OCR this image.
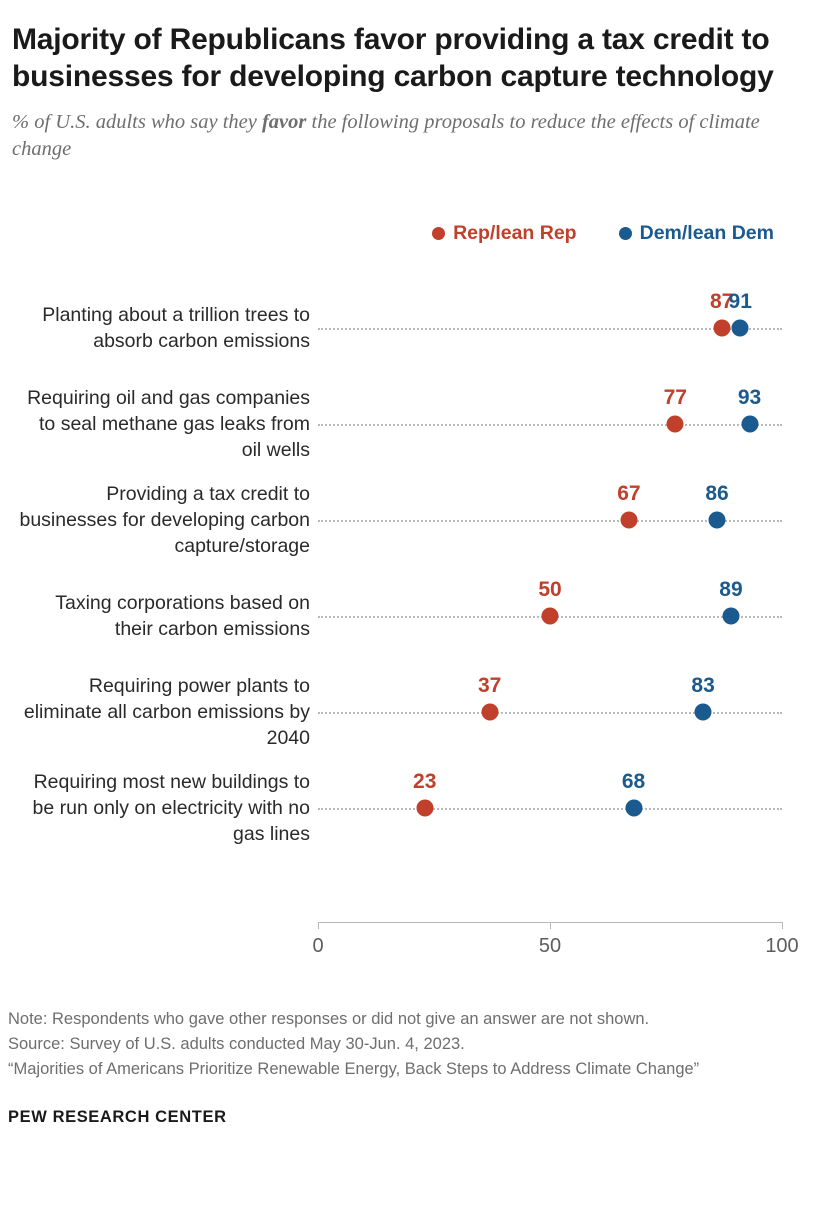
Majority of Republicans favor providing a tax credit to businesses for developing carbon capture technology
% of U.S. adults who say they favor the following proposals to reduce the effects of climate change
Rep/lean Rep	Dem/lean Dem
Planting about a trillion trees to absorb carbon emissions
87
91
Requiring oil and gas companies to seal methane gas leaks from oil wells
77 93
Providing a tax credit to businesses for developing carbon capture/storage
67	86
Taxing corporations based on their carbon emissions
50	89
Requiring power plants to eliminate all carbon emissions by 2040
37	83
Requiring most new buildings to be run only on electricity with no gas lines
23	68
0	50	100
Note: Respondents who gave other responses or did not give an answer are not shown.
Source: Survey of U.S. adults conducted May 30-Jun. 4, 2023.
“Majorities of Americans Prioritize Renewable Energy, Back Steps to Address Climate Change”
PEW RESEARCH CENTER
